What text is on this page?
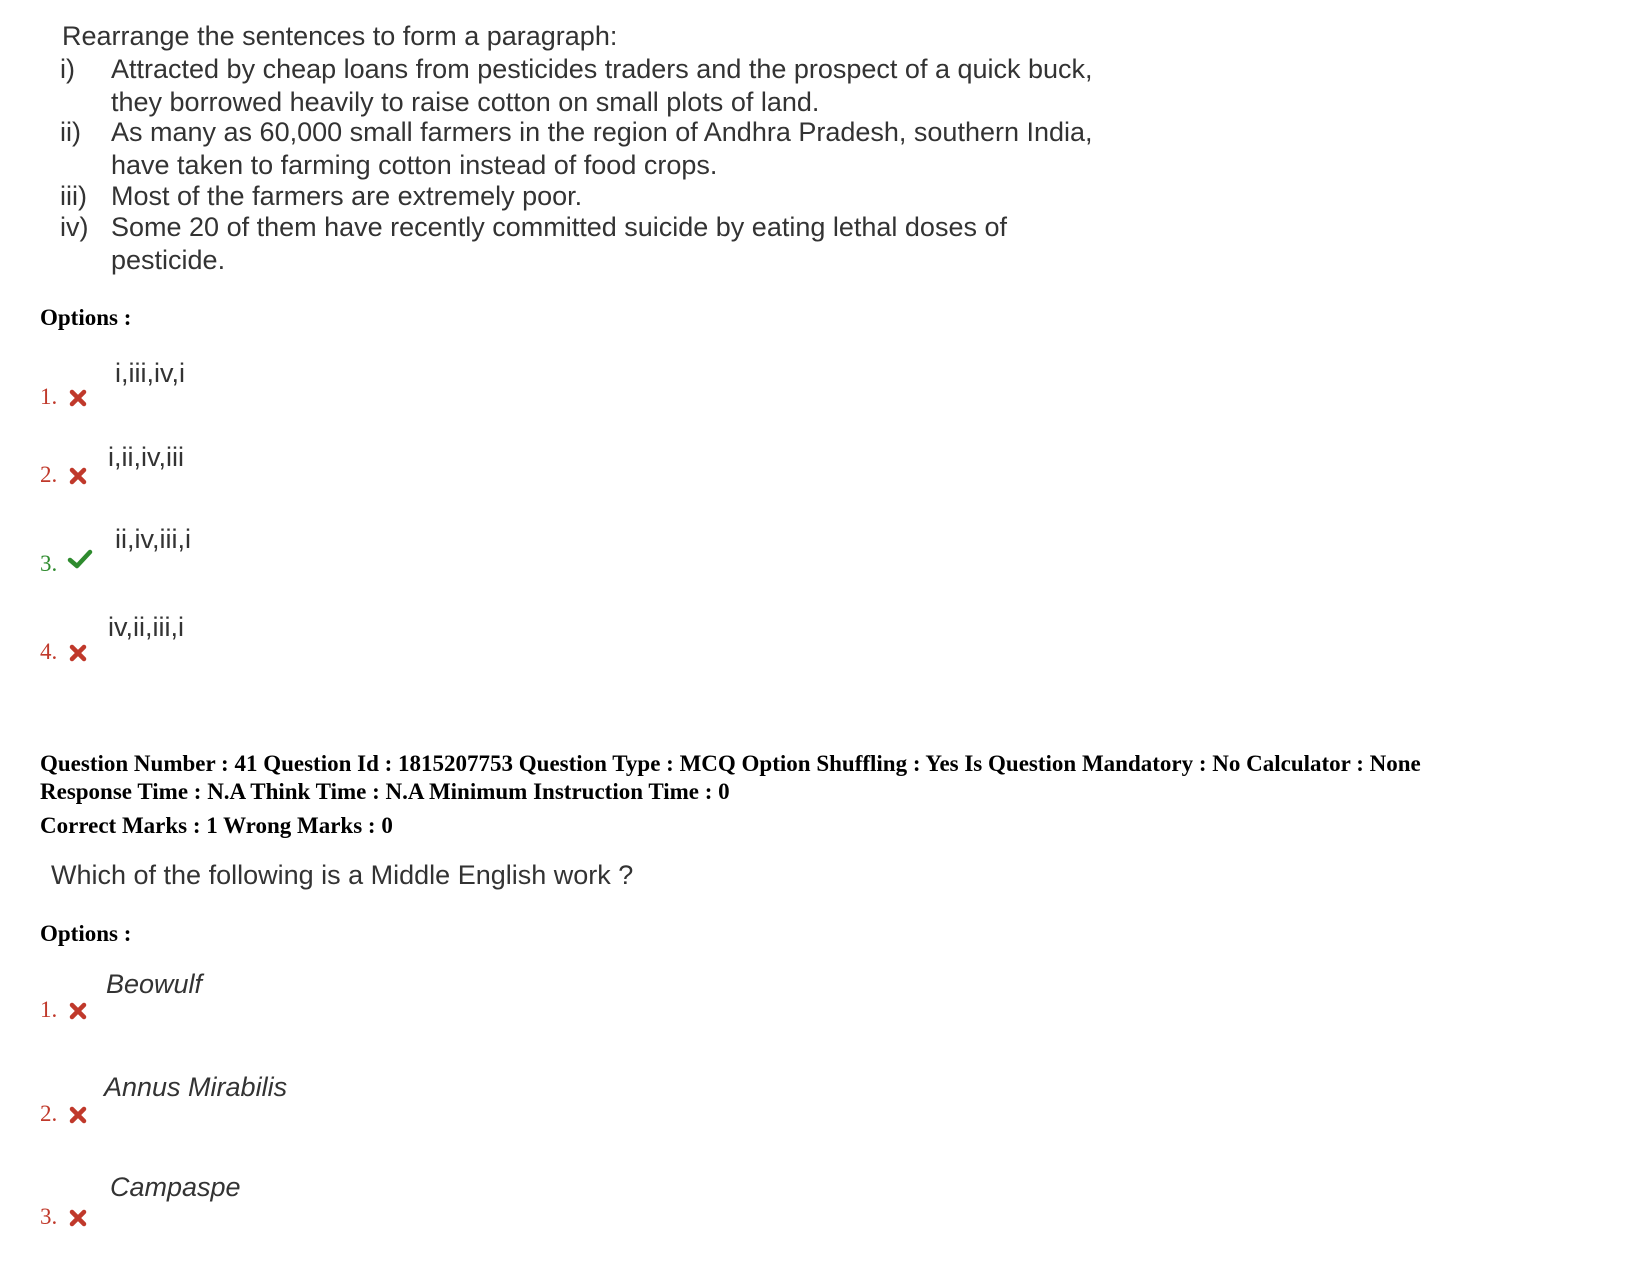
Rearrange the sentences to form a paragraph:
i) Attracted by cheap loans from pesticides traders and the prospect of a quick buck, they borrowed heavily to raise cotton on small plots of land.
ii) As many as 60,000 small farmers in the region of Andhra Pradesh, southern India, have taken to farming cotton instead of food crops.
iii) Most of the farmers are extremely poor.
iv) Some 20 of them have recently committed suicide by eating lethal doses of pesticide.
Options :
i,iii,iv,i
1.
i,ii,iv,iii
2.
ii,iv,iii,i
3.
iv,ii,iii,i
4.
Question Number : 41 Question Id : 1815207753 Question Type : MCQ Option Shuffling : Yes Is Question Mandatory : No Calculator : None
Response Time : N.A Think Time : N.A Minimum Instruction Time : 0
Correct Marks : 1 Wrong Marks : 0
Which of the following is a Middle English work ?
Options :
Beowulf
1.
Annus Mirabilis
2.
Campaspe
3.
